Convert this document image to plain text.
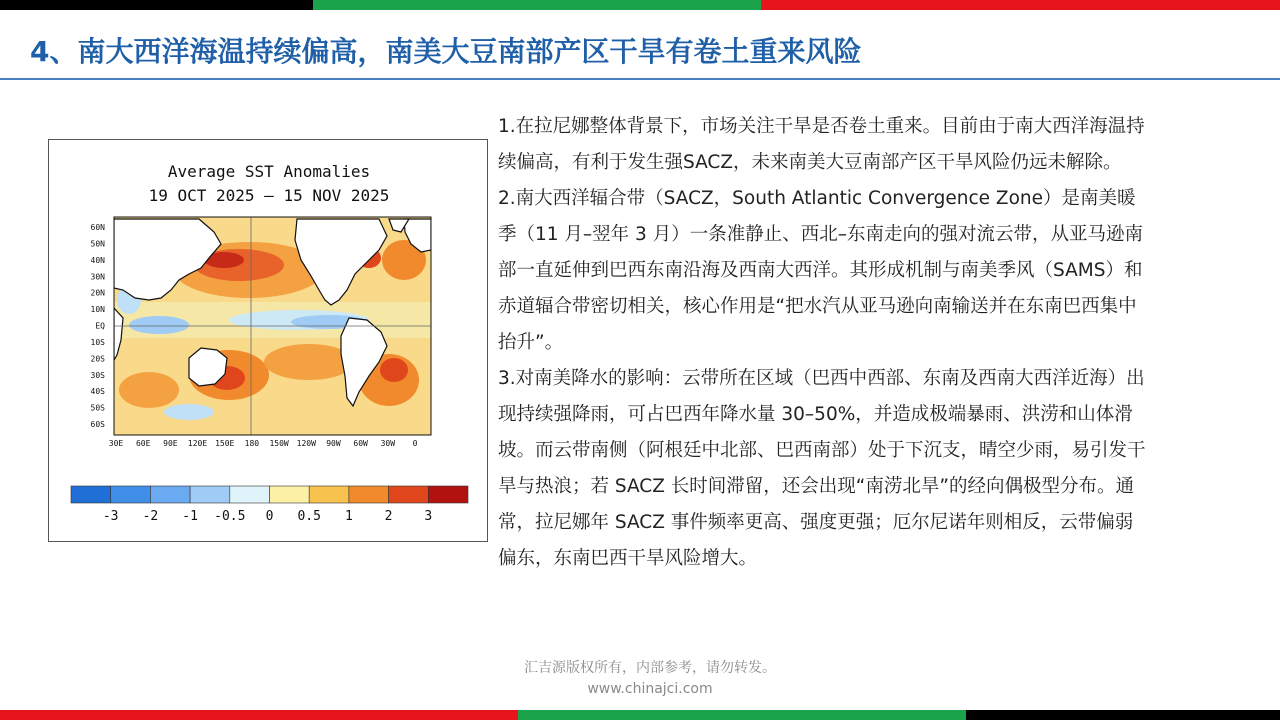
4、南大西洋海温持续偏高，南美大豆南部产区干旱有卷土重来风险
60N
50N
40N
30N
20N
10N
EQ
10S
20S
30S
40S
50S
60S
30E 60E 90E 120E 150E 180 150W 120W 90W 60W 30W 0
-3 -2 -1 -0.5 0 0.5 1 2 3
Average SST Anomalies
19 OCT 2025 – 15 NOV 2025

1.在拉尼娜整体背景下，市场关注干旱是否卷土重来。目前由于南大西洋海温持续偏高，有利于发生强SACZ，未来南美大豆南部产区干旱风险仍远未解除。

2.南大西洋辐合带（SACZ，South Atlantic Convergence Zone）是南美暖季（11 月–翌年 3 月）一条准静止、西北–东南走向的强对流云带，从亚马逊南部一直延伸到巴西东南沿海及西南大西洋。其形成机制与南美季风（SAMS）和赤道辐合带密切相关，核心作用是“把水汽从亚马逊向南输送并在东南巴西集中抬升”。

3.对南美降水的影响：云带所在区域（巴西中西部、东南及西南大西洋近海）出现持续强降雨，可占巴西年降水量 30–50%，并造成极端暴雨、洪涝和山体滑坡。而云带南侧（阿根廷中北部、巴西南部）处于下沉支，晴空少雨，易引发干旱与热浪；若 SACZ 长时间滞留，还会出现“南涝北旱”的经向偶极型分布。通常，拉尼娜年 SACZ 事件频率更高、强度更强；厄尔尼诺年则相反，云带偏弱偏东，东南巴西干旱风险增大。

汇吉源版权所有，内部参考，请勿转发。
www.chinajci.com
